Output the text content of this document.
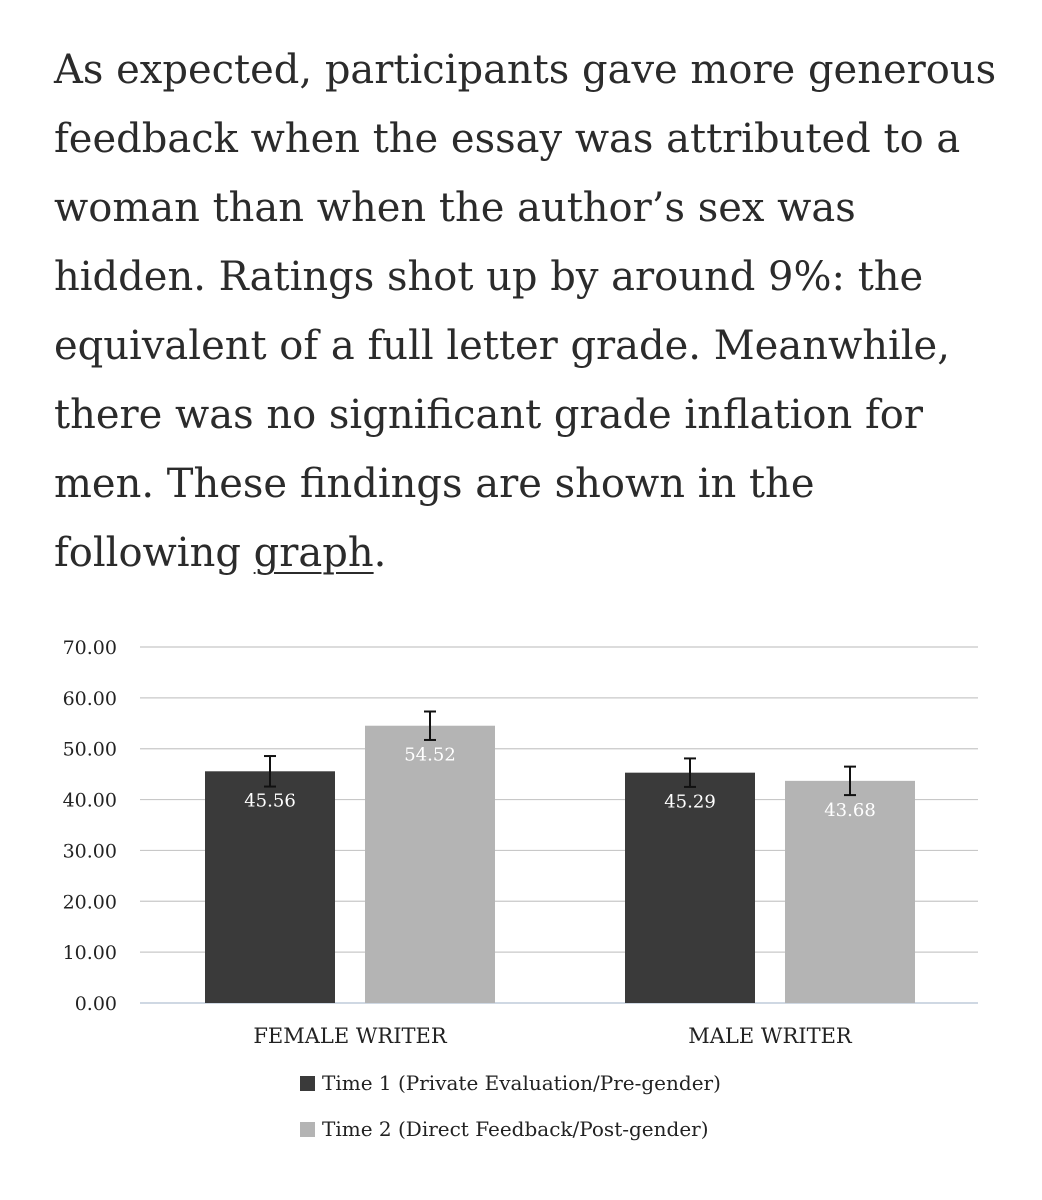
As expected, participants gave more generous feedback when the essay was attributed to a woman than when the author’s sex was hidden. Ratings shot up by around 9%: the equivalent of a full letter grade. Meanwhile, there was no significant grade inflation for men. These findings are shown in the following graph.
70.00
60.00
50.00
40.00
30.00
20.00
10.00
0.00
45.56	45.29
54.52
43.68
FEMALE WRITER	MALE WRITER
Time 1 (Private Evaluation/Pre-gender)
Time 2 (Direct Feedback/Post-gender)
